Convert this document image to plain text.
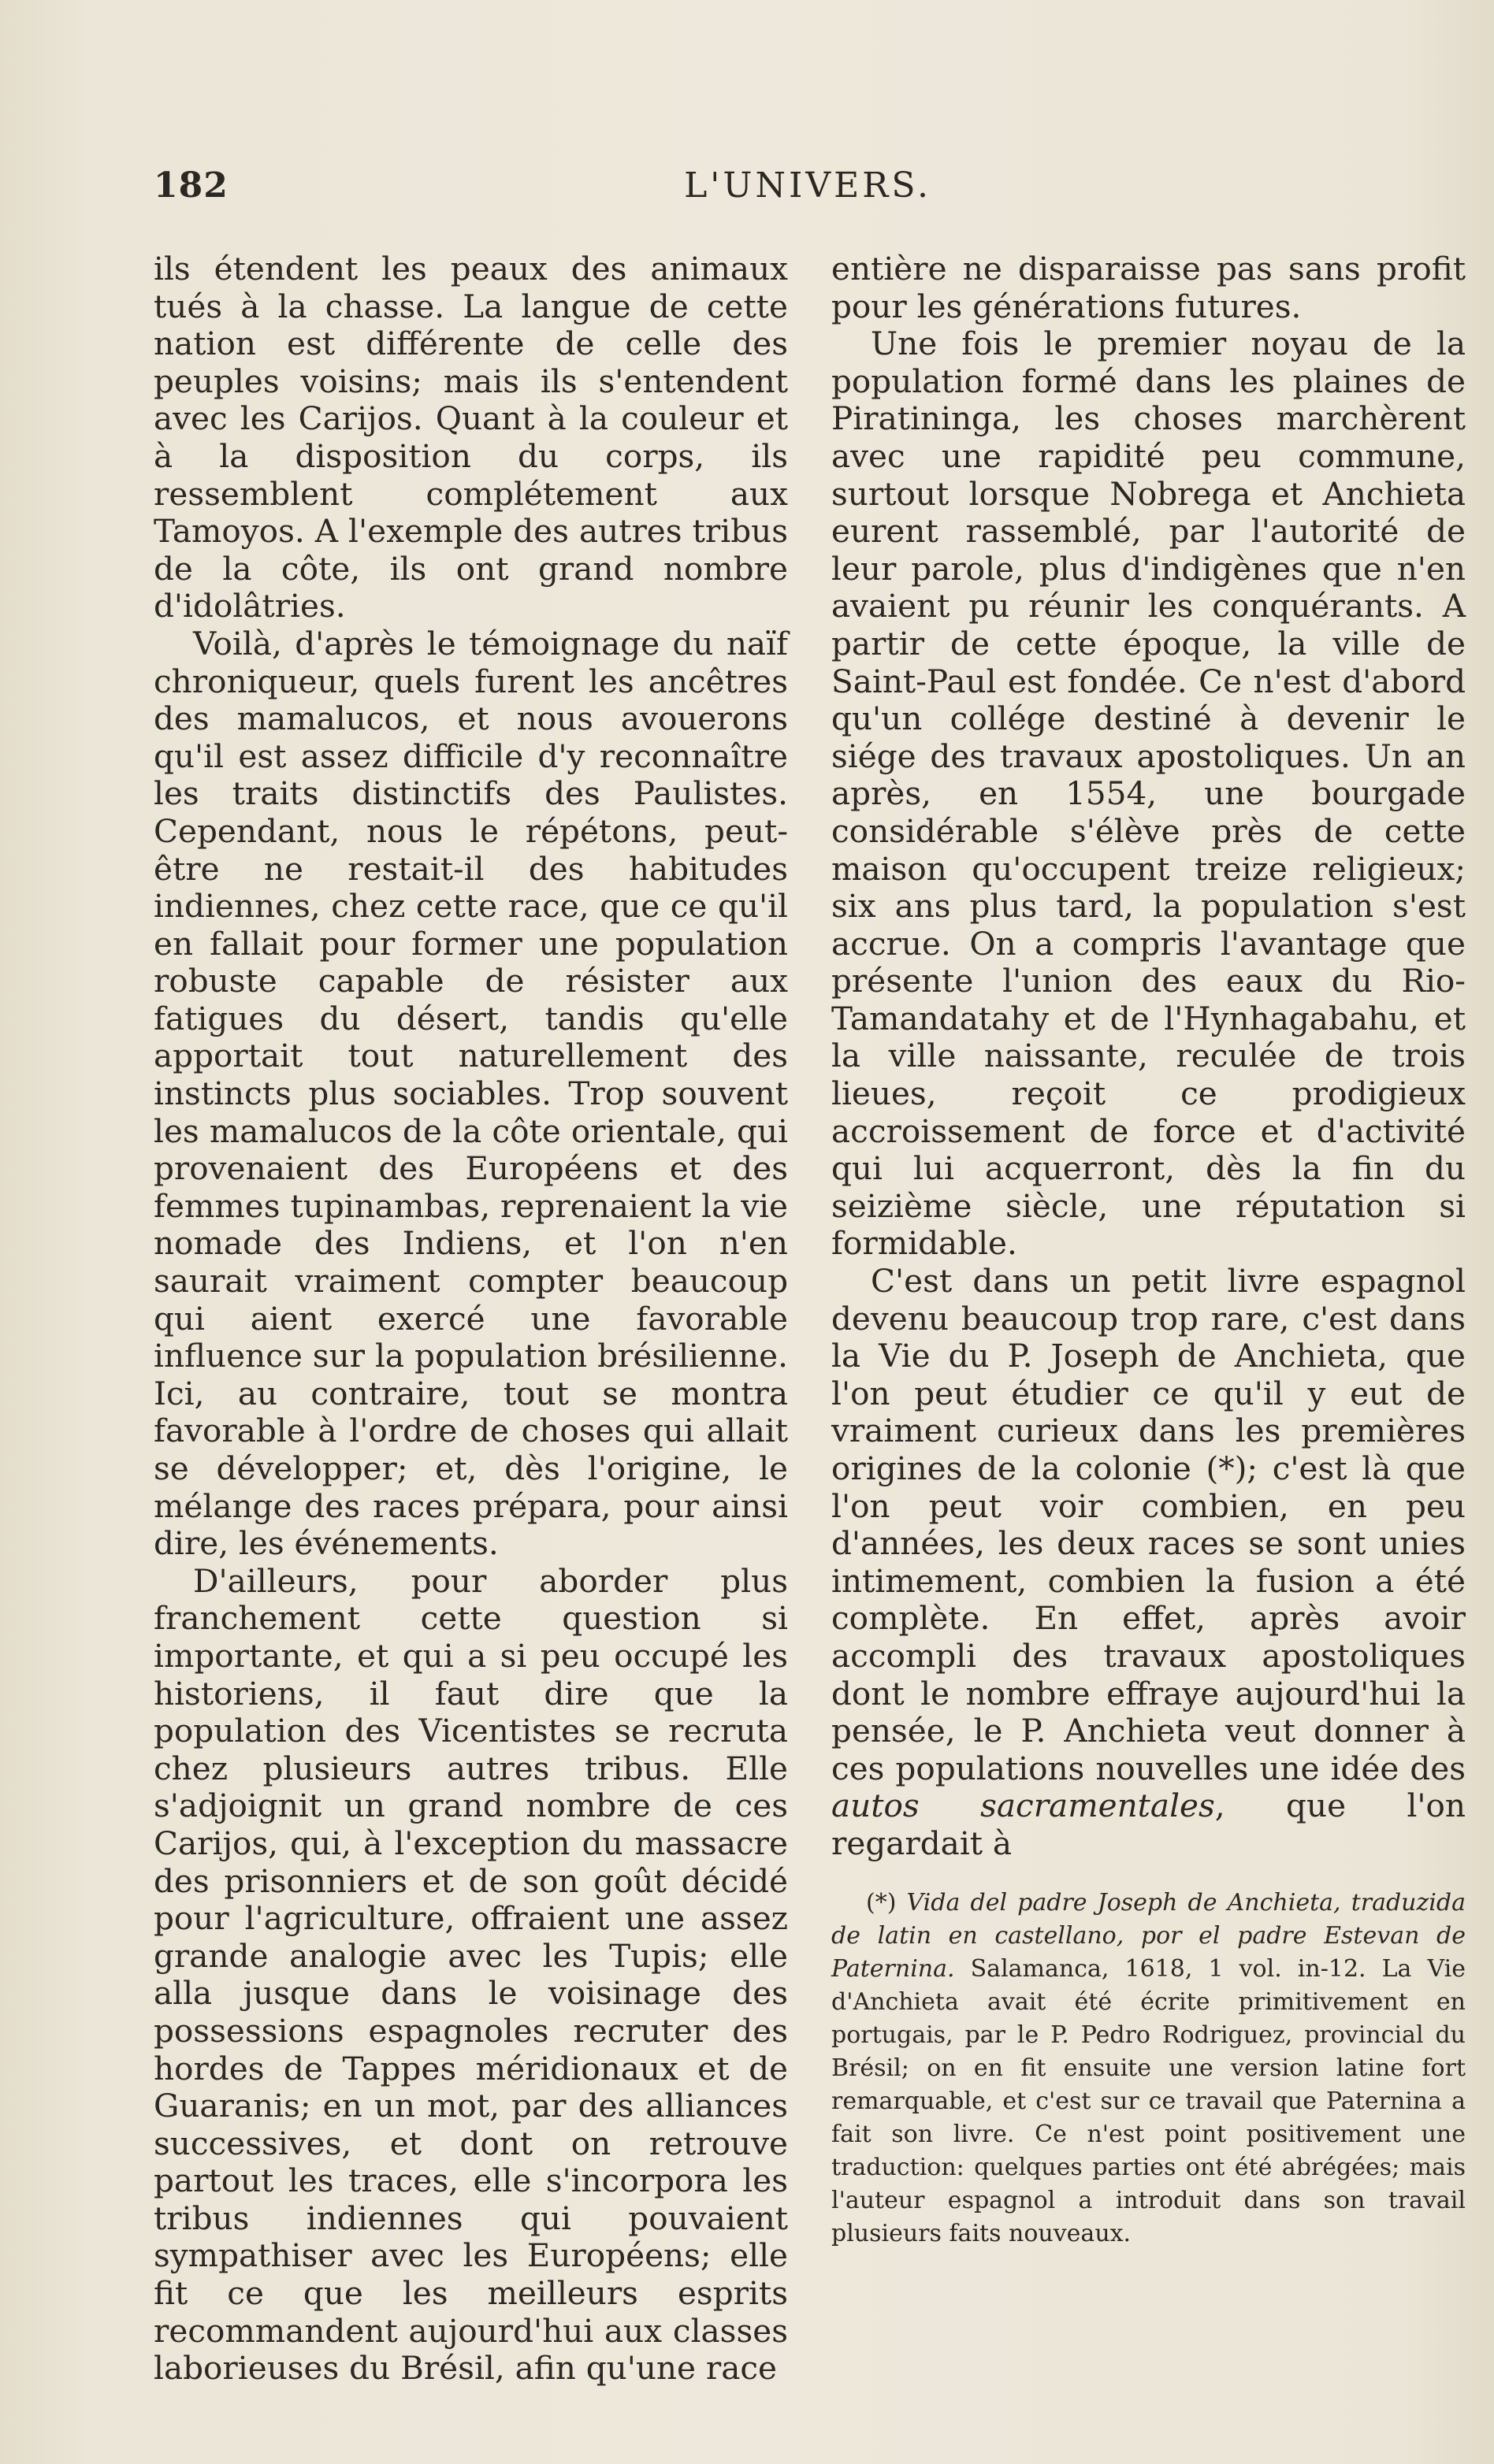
182	L'UNIVERS.

ils étendent les peaux des animaux tués à la chasse. La langue de cette nation est différente de celle des peuples voisins; mais ils s'entendent avec les Carijos. Quant à la couleur et à la disposition du corps, ils ressemblent complétement aux Tamoyos. A l'exemple des autres tribus de la côte, ils ont grand nombre d'idolâtries.

Voilà, d'après le témoignage du naïf chroniqueur, quels furent les ancêtres des mamalucos, et nous avouerons qu'il est assez difficile d'y reconnaître les traits distinctifs des Paulistes. Cependant, nous le répétons, peut-être ne restait-il des habitudes indiennes, chez cette race, que ce qu'il en fallait pour former une population robuste capable de résister aux fatigues du désert, tandis qu'elle apportait tout naturellement des instincts plus sociables. Trop souvent les mamalucos de la côte orientale, qui provenaient des Européens et des femmes tupinambas, reprenaient la vie nomade des Indiens, et l'on n'en saurait vraiment compter beaucoup qui aient exercé une favorable influence sur la population brésilienne. Ici, au contraire, tout se montra favorable à l'ordre de choses qui allait se développer; et, dès l'origine, le mélange des races prépara, pour ainsi dire, les événements.

D'ailleurs, pour aborder plus franchement cette question si importante, et qui a si peu occupé les historiens, il faut dire que la population des Vicentistes se recruta chez plusieurs autres tribus. Elle s'adjoignit un grand nombre de ces Carijos, qui, à l'exception du massacre des prisonniers et de son goût décidé pour l'agriculture, offraient une assez grande analogie avec les Tupis; elle alla jusque dans le voisinage des possessions espagnoles recruter des hordes de Tappes méridionaux et de Guaranis; en un mot, par des alliances successives, et dont on retrouve partout les traces, elle s'incorpora les tribus indiennes qui pouvaient sympathiser avec les Européens; elle fit ce que les meilleurs esprits recommandent aujourd'hui aux classes laborieuses du Brésil, afin qu'une race

entière ne disparaisse pas sans profit pour les générations futures.

Une fois le premier noyau de la population formé dans les plaines de Piratininga, les choses marchèrent avec une rapidité peu commune, surtout lorsque Nobrega et Anchieta eurent rassemblé, par l'autorité de leur parole, plus d'indigènes que n'en avaient pu réunir les conquérants. A partir de cette époque, la ville de Saint-Paul est fondée. Ce n'est d'abord qu'un collége destiné à devenir le siége des travaux apostoliques. Un an après, en 1554, une bourgade considérable s'élève près de cette maison qu'occupent treize religieux; six ans plus tard, la population s'est accrue. On a compris l'avantage que présente l'union des eaux du Rio-Tamandatahy et de l'Hynhagabahu, et la ville naissante, reculée de trois lieues, reçoit ce prodigieux accroissement de force et d'activité qui lui acquerront, dès la fin du seizième siècle, une réputation si formidable.

C'est dans un petit livre espagnol devenu beaucoup trop rare, c'est dans la Vie du P. Joseph de Anchieta, que l'on peut étudier ce qu'il y eut de vraiment curieux dans les premières origines de la colonie (*); c'est là que l'on peut voir combien, en peu d'années, les deux races se sont unies intimement, combien la fusion a été complète. En effet, après avoir accompli des travaux apostoliques dont le nombre effraye aujourd'hui la pensée, le P. Anchieta veut donner à ces populations nouvelles une idée des autos sacramentales, que l'on regardait à

(*) Vida del padre Joseph de Anchieta, traduzida de latin en castellano, por el padre Estevan de Paternina. Salamanca, 1618, 1 vol. in-12. La Vie d'Anchieta avait été écrite primitivement en portugais, par le P. Pedro Rodriguez, provincial du Brésil; on en fit ensuite une version latine fort remarquable, et c'est sur ce travail que Paternina a fait son livre. Ce n'est point positivement une traduction: quelques parties ont été abrégées; mais l'auteur espagnol a introduit dans son travail plusieurs faits nouveaux.
